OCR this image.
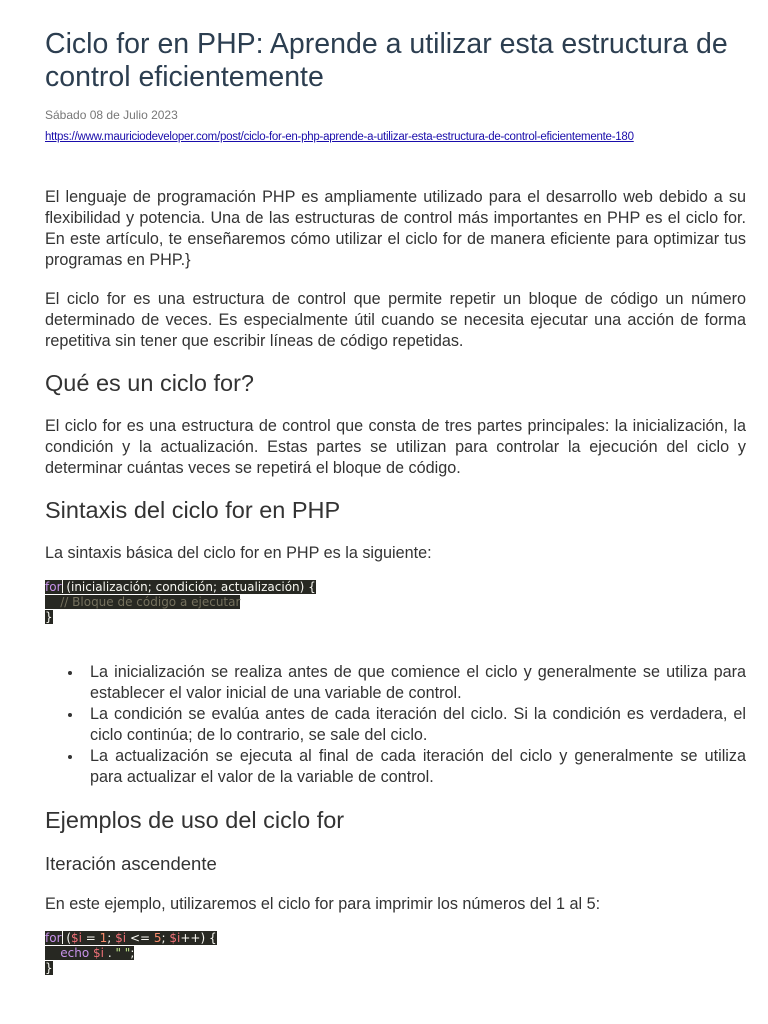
Ciclo for en PHP: Aprende a utilizar esta estructura de control eficientemente
Sábado 08 de Julio 2023
https://www.mauriciodeveloper.com/post/ciclo-for-en-php-aprende-a-utilizar-esta-estructura-de-control-eficientemente-180

El lenguaje de programación PHP es ampliamente utilizado para el desarrollo web debido a su flexibilidad y potencia. Una de las estructuras de control más importantes en PHP es el ciclo for. En este artículo, te enseñaremos cómo utilizar el ciclo for de manera eficiente para optimizar tus programas en PHP.}

El ciclo for es una estructura de control que permite repetir un bloque de código un número determinado de veces. Es especialmente útil cuando se necesita ejecutar una acción de forma repetitiva sin tener que escribir líneas de código repetidas.

Qué es un ciclo for?

El ciclo for es una estructura de control que consta de tres partes principales: la inicialización, la condición y la actualización. Estas partes se utilizan para controlar la ejecución del ciclo y determinar cuántas veces se repetirá el bloque de código.

Sintaxis del ciclo for en PHP

La sintaxis básica del ciclo for en PHP es la siguiente:

for (inicialización; condición; actualización) {
// Bloque de código a ejecutar
}
La inicialización se realiza antes de que comience el ciclo y generalmente se utiliza para establecer el valor inicial de una variable de control.
La condición se evalúa antes de cada iteración del ciclo. Si la condición es verdadera, el ciclo continúa; de lo contrario, se sale del ciclo.
La actualización se ejecuta al final de cada iteración del ciclo y generalmente se utiliza para actualizar el valor de la variable de control.
Ejemplos de uso del ciclo for
Iteración ascendente

En este ejemplo, utilizaremos el ciclo for para imprimir los números del 1 al 5:

for ($i = 1; $i <= 5; $i++) {
echo $i . " ";
}
